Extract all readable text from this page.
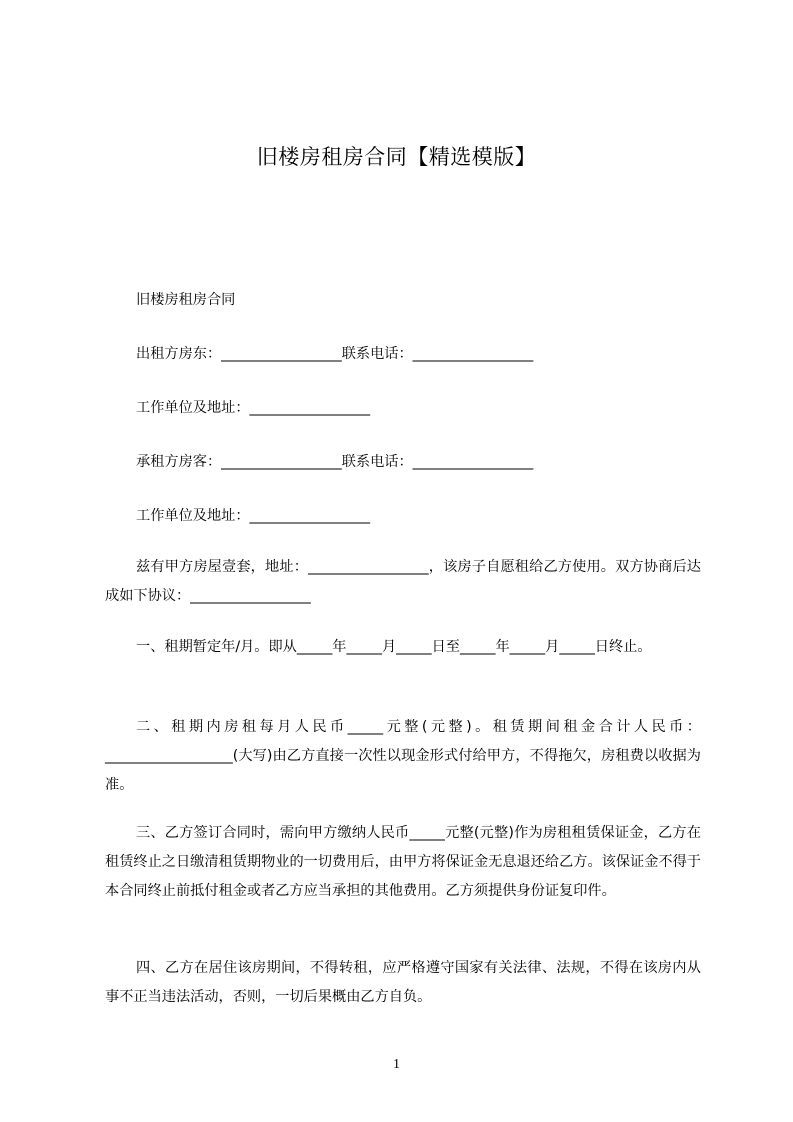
旧楼房租房合同【精选模版】
旧楼房租房合同
出租方房东：_________________联系电话：_________________
工作单位及地址：_________________
承租方房客：_________________联系电话：_________________
工作单位及地址：_________________
兹有甲方房屋壹套，地址：_________________，该房子自愿租给乙方使用。双方协商后达成如下协议：_________________
一、租期暂定年/月。即从_____年_____月_____日至_____年_____月_____日终止。
二、租期内房租每月人民币_____元整(元整)。租赁期间租金合计人民币：__________________(大写)由乙方直接一次性以现金形式付给甲方，不得拖欠，房租费以收据为准。
三、乙方签订合同时，需向甲方缴纳人民币_____元整(元整)作为房租租赁保证金，乙方在租赁终止之日缴清租赁期物业的一切费用后，由甲方将保证金无息退还给乙方。该保证金不得于本合同终止前抵付租金或者乙方应当承担的其他费用。乙方须提供身份证复印件。
四、乙方在居住该房期间，不得转租，应严格遵守国家有关法律、法规，不得在该房内从事不正当违法活动，否则，一切后果概由乙方自负。
1
